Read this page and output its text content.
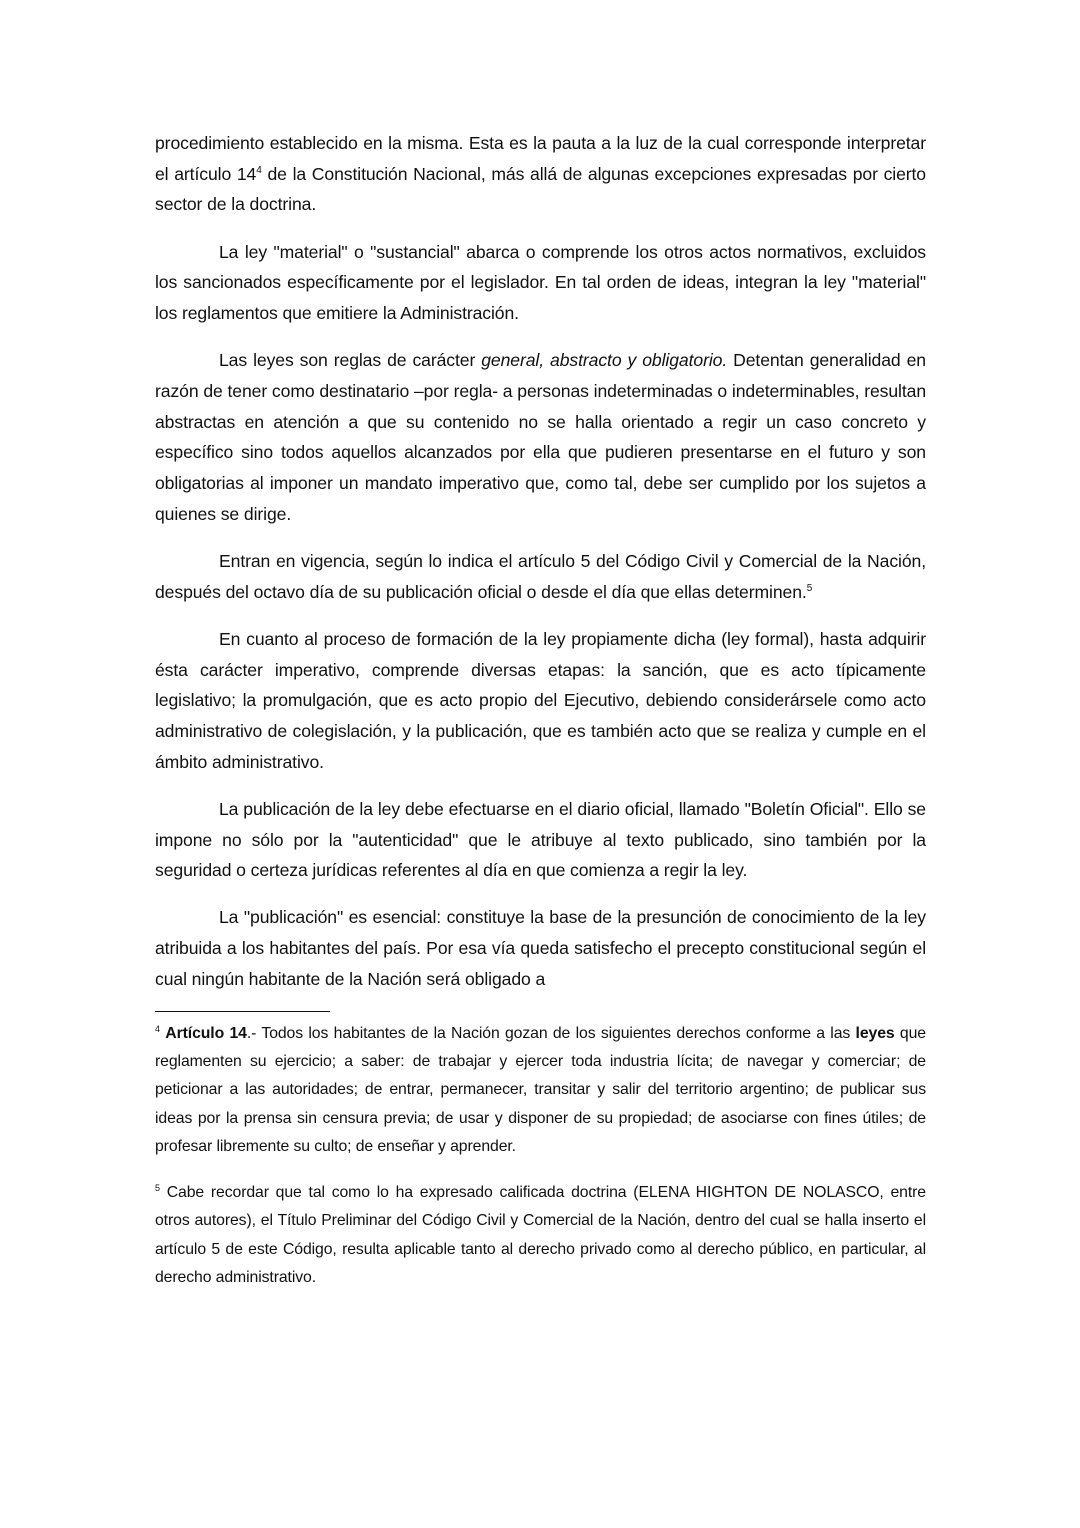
procedimiento establecido en la misma. Esta es la pauta a la luz de la cual corresponde interpretar el artículo $14^4$ de la Constitución Nacional, más allá de algunas excepciones expresadas por cierto sector de la doctrina.

La ley "material" o "sustancial" abarca o comprende los otros actos normativos, excluidos los sancionados específicamente por el legislador. En tal orden de ideas, integran la ley "material" los reglamentos que emitiere la Administración.

Las leyes son reglas de carácter general, abstracto y obligatorio. Detentan generalidad en razón de tener como destinatario –por regla- a personas indeterminadas o indeterminables, resultan abstractas en atención a que su contenido no se halla orientado a regir un caso concreto y específico sino todos aquellos alcanzados por ella que pudieren presentarse en el futuro y son obligatorias al imponer un mandato imperativo que, como tal, debe ser cumplido por los sujetos a quienes se dirige.

Entran en vigencia, según lo indica el artículo 5 del Código Civil y Comercial de la Nación, después del octavo día de su publicación oficial o desde el día que ellas determinen.$^5$

En cuanto al proceso de formación de la ley propiamente dicha (ley formal), hasta adquirir ésta carácter imperativo, comprende diversas etapas: la sanción, que es acto típicamente legislativo; la promulgación, que es acto propio del Ejecutivo, debiendo considerársele como acto administrativo de colegislación, y la publicación, que es también acto que se realiza y cumple en el ámbito administrativo.

La publicación de la ley debe efectuarse en el diario oficial, llamado "Boletín Oficial". Ello se impone no sólo por la "autenticidad" que le atribuye al texto publicado, sino también por la seguridad o certeza jurídicas referentes al día en que comienza a regir la ley.

La "publicación" es esencial: constituye la base de la presunción de conocimiento de la ley atribuida a los habitantes del país. Por esa vía queda satisfecho el precepto constitucional según el cual ningún habitante de la Nación será obligado a

$^4$ Artículo 14.- Todos los habitantes de la Nación gozan de los siguientes derechos conforme a las leyes que reglamenten su ejercicio; a saber: de trabajar y ejercer toda industria lícita; de navegar y comerciar; de peticionar a las autoridades; de entrar, permanecer, transitar y salir del territorio argentino; de publicar sus ideas por la prensa sin censura previa; de usar y disponer de su propiedad; de asociarse con fines útiles; de profesar libremente su culto; de enseñar y aprender.

$^5$ Cabe recordar que tal como lo ha expresado calificada doctrina (ELENA HIGHTON DE NOLASCO, entre otros autores), el Título Preliminar del Código Civil y Comercial de la Nación, dentro del cual se halla inserto el artículo 5 de este Código, resulta aplicable tanto al derecho privado como al derecho público, en particular, al derecho administrativo.
